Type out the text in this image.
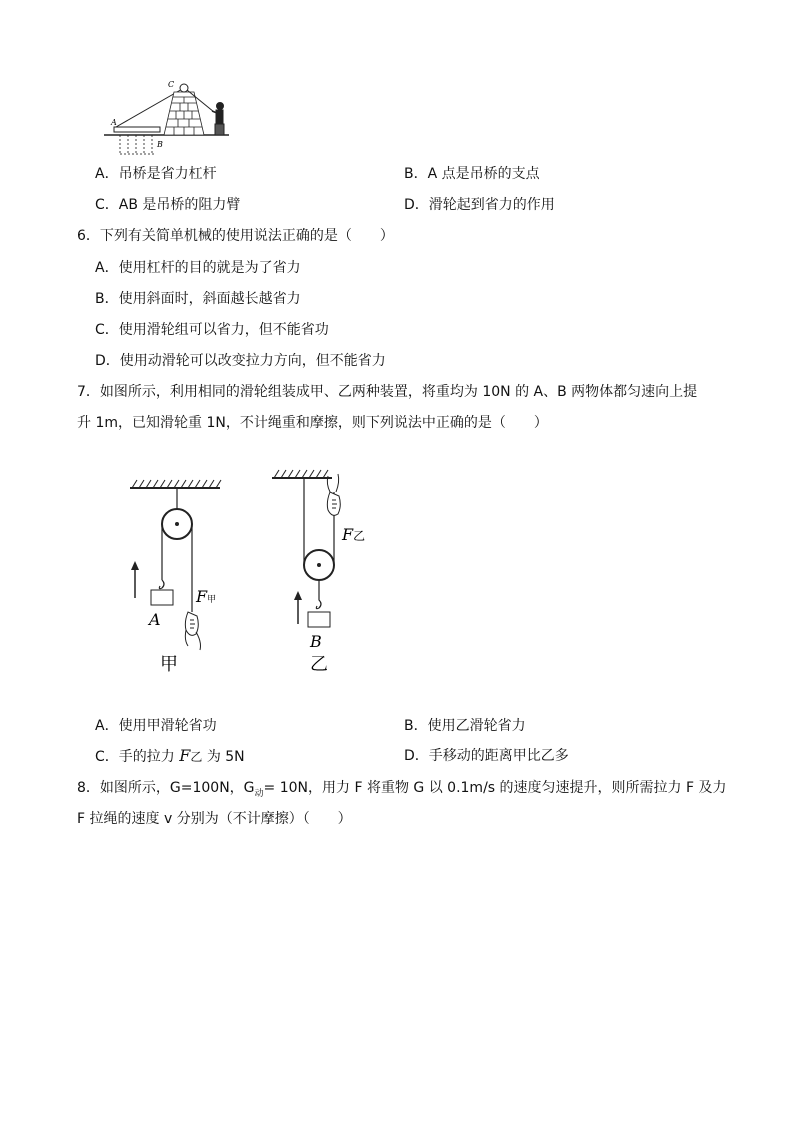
A
B
C
A．吊桥是省力杠杆	B．A 点是吊桥的支点
C．AB 是吊桥的阻力臂	D．滑轮起到省力的作用
6．下列有关简单机械的使用说法正确的是（　　）
A．使用杠杆的目的就是为了省力
B．使用斜面时，斜面越长越省力
C．使用滑轮组可以省力，但不能省功
D．使用动滑轮可以改变拉力方向，但不能省力
7．如图所示，利用相同的滑轮组装成甲、乙两种装置，将重均为 10N 的 A、B 两物体都匀速向上提
升 1m，已知滑轮重 1N，不计绳重和摩擦，则下列说法中正确的是（　　）
F甲
A
甲
F乙
B
乙
A．使用甲滑轮省功	B．使用乙滑轮省力
C．手的拉力 F乙 为 5N	D．手移动的距离甲比乙多
8．如图所示，G=100N，$G_动= 10N$，用力 F 将重物 G 以 0.1m/s 的速度匀速提升，则所需拉力 F 及力
F 拉绳的速度 v 分别为（不计摩擦）（　　）
